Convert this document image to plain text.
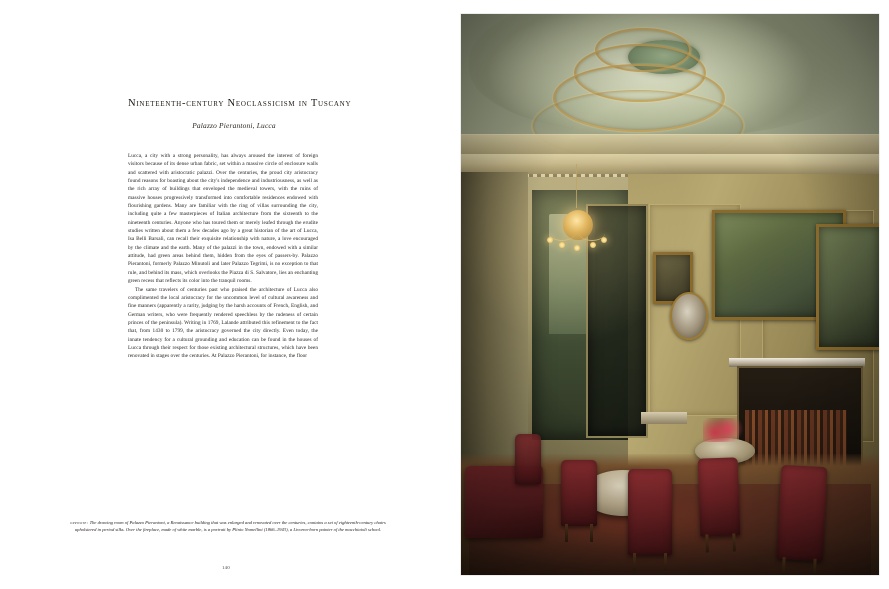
Nineteenth-century Neoclassicism in Tuscany
Palazzo Pierantoni, Lucca

Lucca, a city with a strong personality, has always aroused the interest of foreign visitors because of its dense urban fabric, set within a massive circle of enclosure walls and scattered with aristocratic palazzi. Over the centuries, the proud city aristocracy found reasons for boasting about the city's independence and industriousness, as well as the rich array of buildings that enveloped the medieval towers, with the ruins of massive houses progressively transformed into comfortable residences endowed with flourishing gardens. Many are familiar with the ring of villas surrounding the city, including quite a few masterpieces of Italian architecture from the sixteenth to the nineteenth centuries. Anyone who has toured them or merely leafed through the erudite studies written about them a few decades ago by a great historian of the art of Lucca, Isa Belli Barsali, can recall their exquisite relationship with nature, a love encouraged by the climate and the earth. Many of the palazzi in the town, endowed with a similar attitude, had green areas behind them, hidden from the eyes of passers-by. Palazzo Pierantoni, formerly Palazzo Minutoli and later Palazzo Tegrimi, is no exception to that rule, and behind its mass, which overlooks the Piazza di S. Salvatore, lies an enchanting green recess that reflects its color into the tranquil rooms.

The same travelers of centuries past who praised the architecture of Lucca also complimented the local aristocracy for the uncommon level of cultural awareness and fine manners (apparently a rarity, judging by the harsh accounts of French, English, and German writers, who were frequently rendered speechless by the rudeness of certain princes of the peninsula). Writing in 1769, Lalande attributed this refinement to the fact that, from 1430 to 1799, the aristocracy governed the city directly. Even today, the innate tendency for a cultural grounding and education can be found in the houses of Lucca through their respect for those existing architectural structures, which have been renovated in stages over the centuries. At Palazzo Pierantoni, for instance, the floor

opposite: The drawing room of Palazzo Pierantoni, a Renaissance building that was enlarged and renovated over the centuries, contains a set of eighteenth-century chairs upholstered in period silks. Over the fireplace, made of white marble, is a portrait by Plinio Nomellini (1866–1943), a Livorno-born painter of the macchiaioli school.
140
